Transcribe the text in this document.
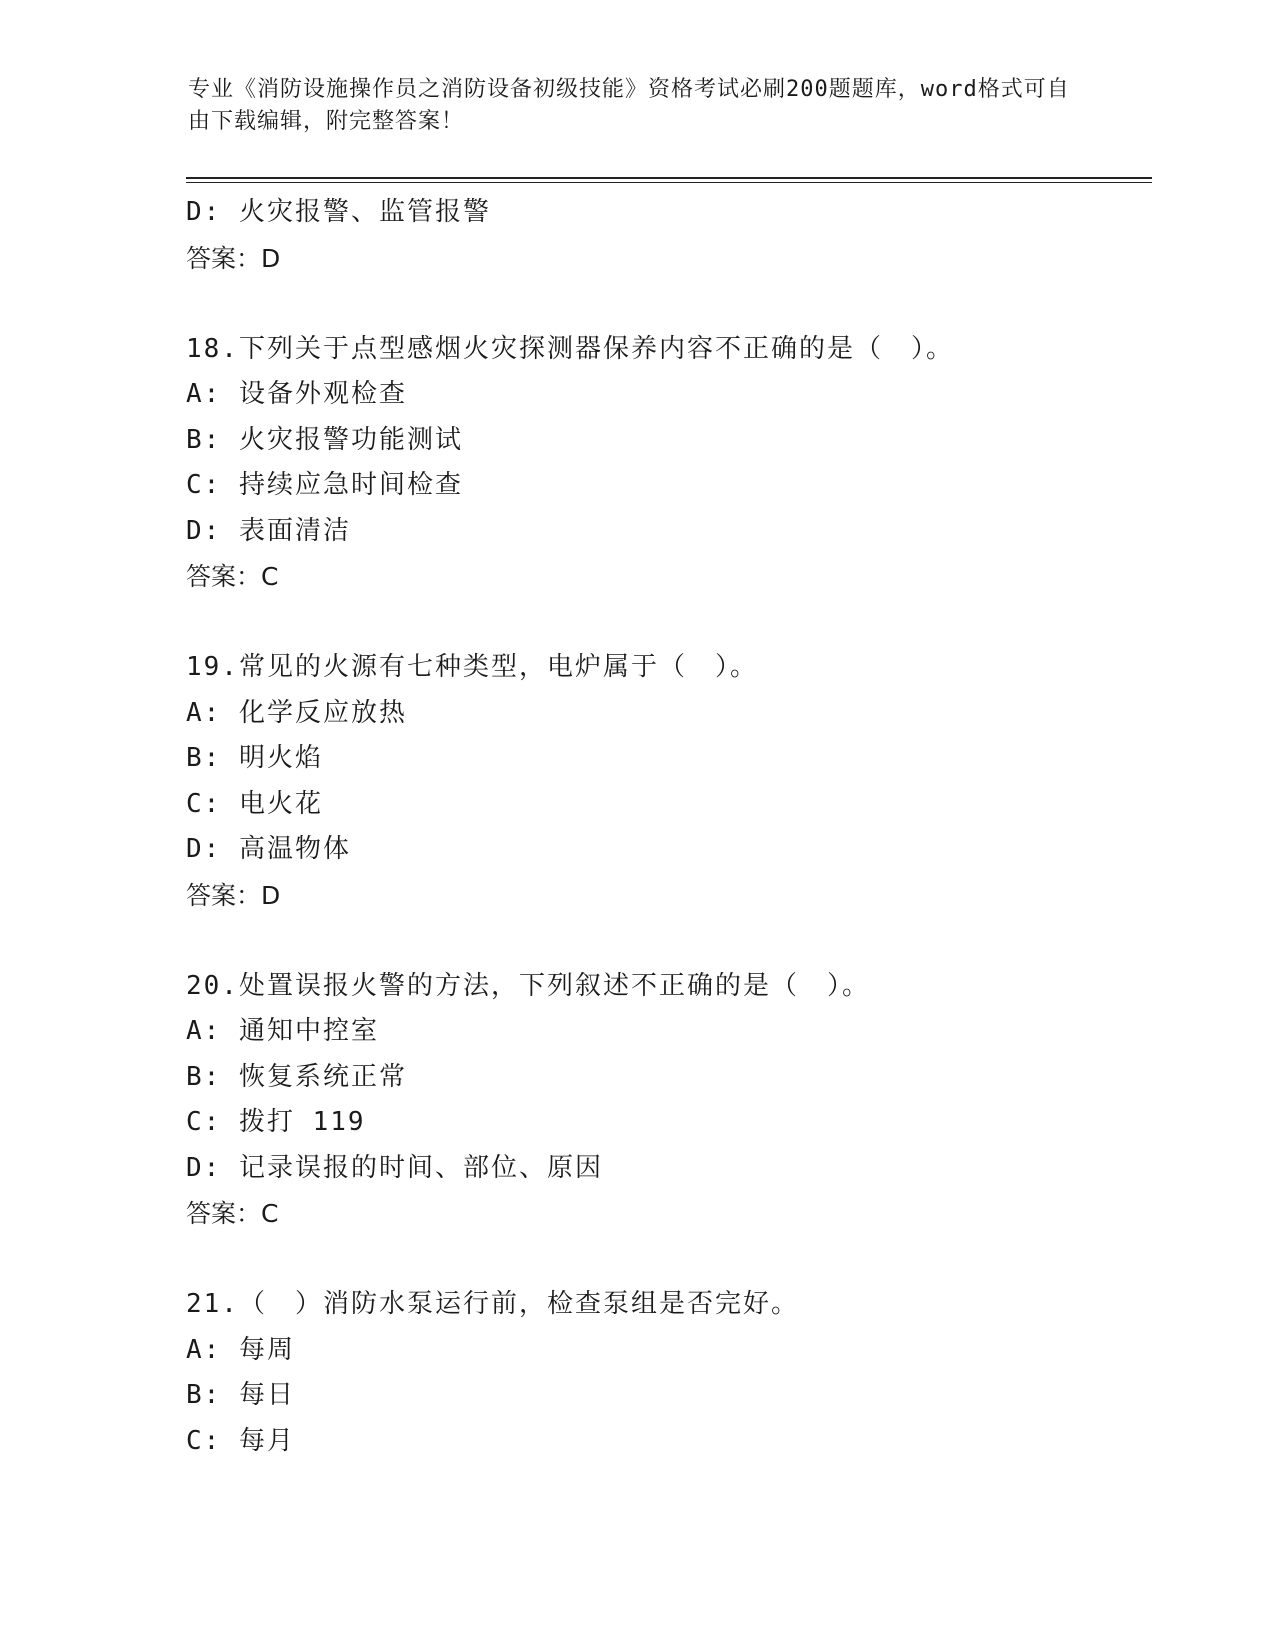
专业《消防设施操作员之消防设备初级技能》资格考试必刷200题题库，word格式可自由下载编辑，附完整答案！
D: 火灾报警、监管报警
答案：D
18.下列关于点型感烟火灾探测器保养内容不正确的是（　）。
A: 设备外观检查
B: 火灾报警功能测试
C: 持续应急时间检查
D: 表面清洁
答案：C
19.常见的火源有七种类型，电炉属于（　）。
A: 化学反应放热
B: 明火焰
C: 电火花
D: 高温物体
答案：D
20.处置误报火警的方法，下列叙述不正确的是（　）。
A: 通知中控室
B: 恢复系统正常
C: 拨打 119
D: 记录误报的时间、部位、原因
答案：C
21.（　）消防水泵运行前，检查泵组是否完好。
A: 每周
B: 每日
C: 每月
